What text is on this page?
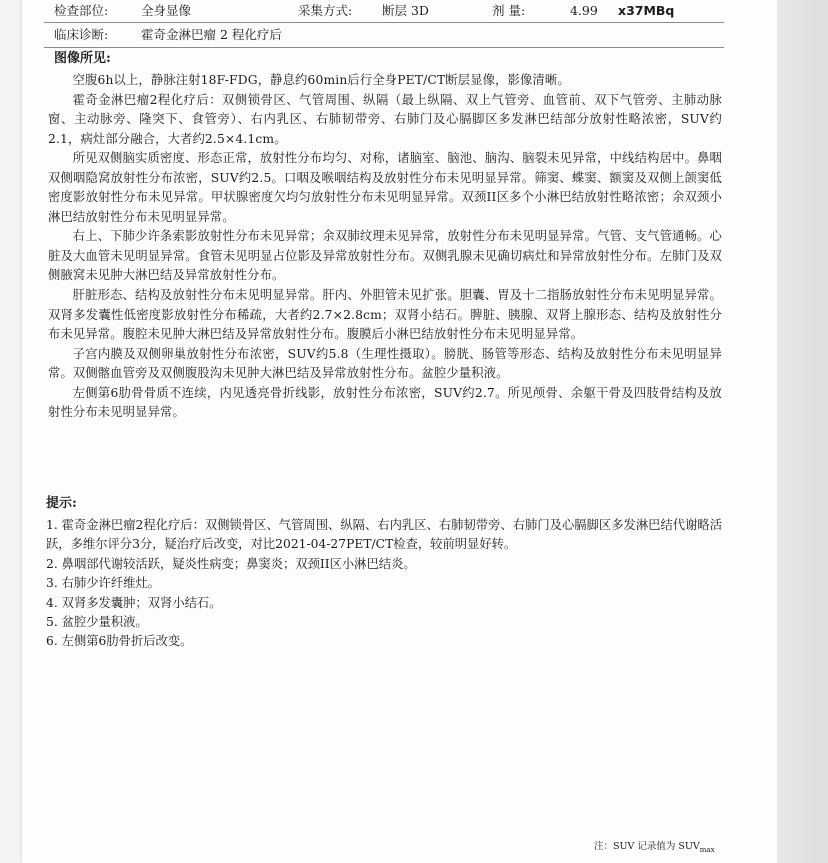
检查部位:	全身显像	采集方式: 断层 3D	剂 量:	4.99 x37MBq
临床诊断:	霍奇金淋巴瘤 2 程化疗后
图像所见:

空腹6h以上，静脉注射18F-FDG，静息约60min后行全身PET/CT断层显像，影像清晰。

霍奇金淋巴瘤2程化疗后：双侧锁骨区、气管周围、纵隔（最上纵隔、双上气管旁、血管前、双下气管旁、主肺动脉窗、主动脉旁、隆突下、食管旁）、右内乳区、右肺韧带旁、右肺门及心膈脚区多发淋巴结部分放射性略浓密，SUV约2.1，病灶部分融合，大者约2.5×4.1cm。

所见双侧脑实质密度、形态正常，放射性分布均匀、对称，诸脑室、脑池、脑沟、脑裂未见异常，中线结构居中。鼻咽双侧咽隐窝放射性分布浓密，SUV约2.5。口咽及喉咽结构及放射性分布未见明显异常。筛窦、蝶窦、额窦及双侧上颌窦低密度影放射性分布未见异常。甲状腺密度欠均匀放射性分布未见明显异常。双颈II区多个小淋巴结放射性略浓密；余双颈小淋巴结放射性分布未见明显异常。

右上、下肺少许条索影放射性分布未见异常；余双肺纹理未见异常，放射性分布未见明显异常。气管、支气管通畅。心脏及大血管未见明显异常。食管未见明显占位影及异常放射性分布。双侧乳腺未见确切病灶和异常放射性分布。左肺门及双侧腋窝未见肿大淋巴结及异常放射性分布。

肝脏形态、结构及放射性分布未见明显异常。肝内、外胆管未见扩张。胆囊、胃及十二指肠放射性分布未见明显异常。双肾多发囊性低密度影放射性分布稀疏，大者约2.7×2.8cm；双肾小结石。脾脏、胰腺、双肾上腺形态、结构及放射性分布未见异常。腹腔未见肿大淋巴结及异常放射性分布。腹膜后小淋巴结放射性分布未见明显异常。

子宫内膜及双侧卵巢放射性分布浓密，SUV约5.8（生理性摄取）。膀胱、肠管等形态、结构及放射性分布未见明显异常。双侧髂血管旁及双侧腹股沟未见肿大淋巴结及异常放射性分布。盆腔少量积液。

左侧第6肋骨骨质不连续，内见透亮骨折线影，放射性分布浓密，SUV约2.7。所见颅骨、余躯干骨及四肢骨结构及放射性分布未见明显异常。

提示:

1. 霍奇金淋巴瘤2程化疗后：双侧锁骨区、气管周围、纵隔、右内乳区、右肺韧带旁、右肺门及心膈脚区多发淋巴结代谢略活跃，多维尔评分3分，疑治疗后改变，对比2021-04-27PET/CT检查，较前明显好转。

2. 鼻咽部代谢较活跃，疑炎性病变；鼻窦炎；双颈II区小淋巴结炎。

3. 右肺少许纤维灶。

4. 双肾多发囊肿；双肾小结石。

5. 盆腔少量积液。

6. 左侧第6肋骨折后改变。

注：SUV 记录值为 $SUV_{max}$
